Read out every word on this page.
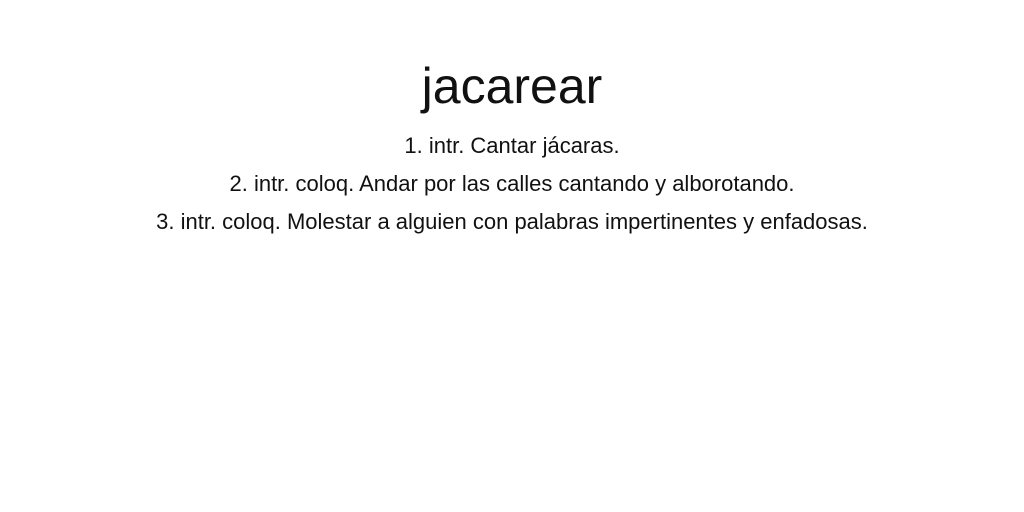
jacarear
1. intr. Cantar jácaras.
2. intr. coloq. Andar por las calles cantando y alborotando.
3. intr. coloq. Molestar a alguien con palabras impertinentes y enfadosas.
